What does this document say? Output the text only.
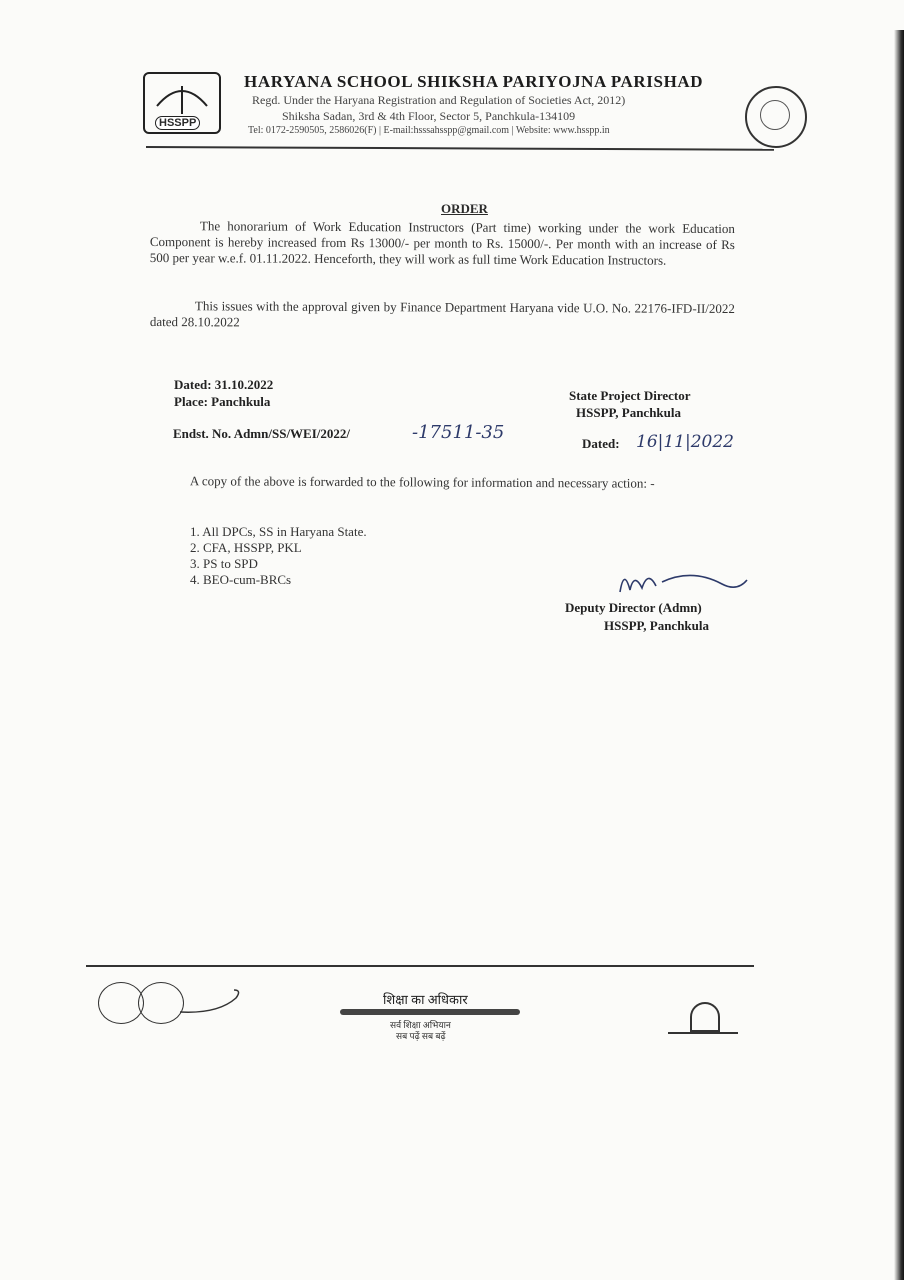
HSSPP
HARYANA SCHOOL SHIKSHA PARIYOJNA PARISHAD
Regd. Under the Haryana Registration and Regulation of Societies Act, 2012)
Shiksha Sadan, 3rd & 4th Floor, Sector 5, Panchkula-134109
Tel: 0172-2590505, 2586026(F) | E-mail:hsssahsspp@gmail.com | Website: www.hsspp.in
ORDER
The honorarium of Work Education Instructors (Part time) working under the work Education Component is hereby increased from Rs 13000/- per month to Rs. 15000/-. Per month with an increase of Rs 500 per year w.e.f. 01.11.2022. Henceforth, they will work as full time Work Education Instructors.
This issues with the approval given by Finance Department Haryana vide U.O. No. 22176-IFD-II/2022 dated 28.10.2022
Dated: 31.10.2022
Place: Panchkula	State Project Director
HSSPP, Panchkula
Endst. No. Admn/SS/WEI/2022/	-17511-35
Dated: 16|11|2022
A copy of the above is forwarded to the following for information and necessary action: -
1. All DPCs, SS in Haryana State.
2. CFA, HSSPP, PKL
3. PS to SPD
4. BEO-cum-BRCs
Deputy Director (Admn)
HSSPP, Panchkula
शिक्षा का अधिकार
सर्व शिक्षा अभियान
सब पढ़ें सब बढ़ें
